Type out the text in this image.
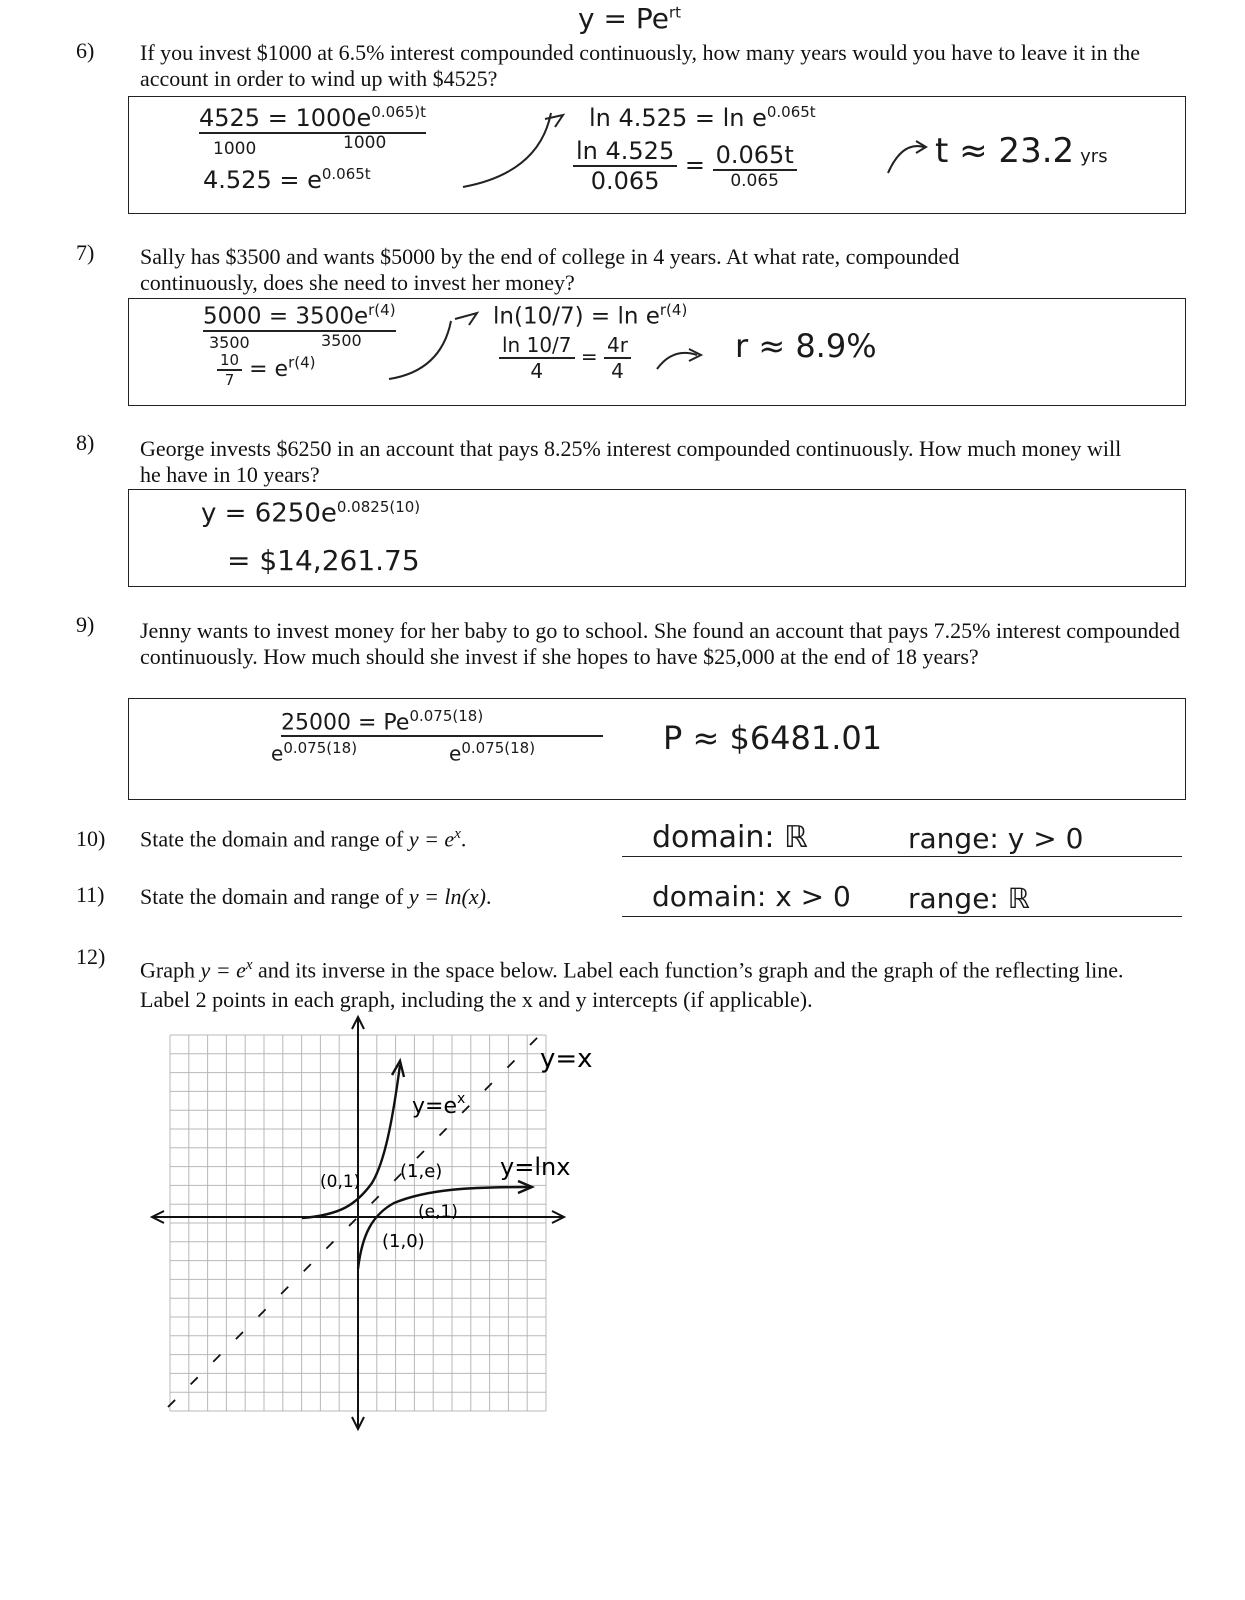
6)
$y = Pe^{rt}$
If you invest $1000 at 6.5% interest compounded continuously, how many years would you have to leave it in the account in order to wind up with $4525?
$4525 = 1000e^{0.065)t}$
1000	1000
$4.525 = e^{0.065t}$
$\ln 4.525 = \ln e^{0.065t}$
$\frac{\ln 4.525}{0.065} = \frac{0.065t}{0.065}$	t ≈ 23.2 yrs
7) Sally has $3500 and wants $5000 by the end of college in 4 years. At what rate, compounded continuously, does she need to invest her money?
$5000 = 3500e^{r(4)}$
3500	3500
$\frac{10}{7} = e^{r(4)}$
$\ln(10/7) = \ln e^{r(4)}$
$\frac{\ln 10/7}{4} = \frac{4r}{4}$	r ≈ 8.9%
8) George invests $6250 in an account that pays 8.25% interest compounded continuously. How much money will he have in 10 years?
$y = 6250e^{0.0825(10)}$
= $14,261.75
9) Jenny wants to invest money for her baby to go to school. She found an account that pays 7.25% interest compounded continuously. How much should she invest if she hopes to have $25,000 at the end of 18 years?
$25000 = Pe^{0.075(18)}$
$e^{0.075(18)}$	$e^{0.075(18)}$	P ≈ $6481.01
10) State the domain and range of $y = e^x$.	domain: ℝ	range: y > 0
11) State the domain and range of y = ln(x).	domain: x > 0 range: ℝ
12)
Graph $y = e^x$ and its inverse in the space below. Label each function’s graph and the graph of the reflecting line. Label 2 points in each graph, including the x and y intercepts (if applicable).
y=x
$y=e^x$
y=lnx
(0,1) (1,e)
(e,1)
(1,0)
